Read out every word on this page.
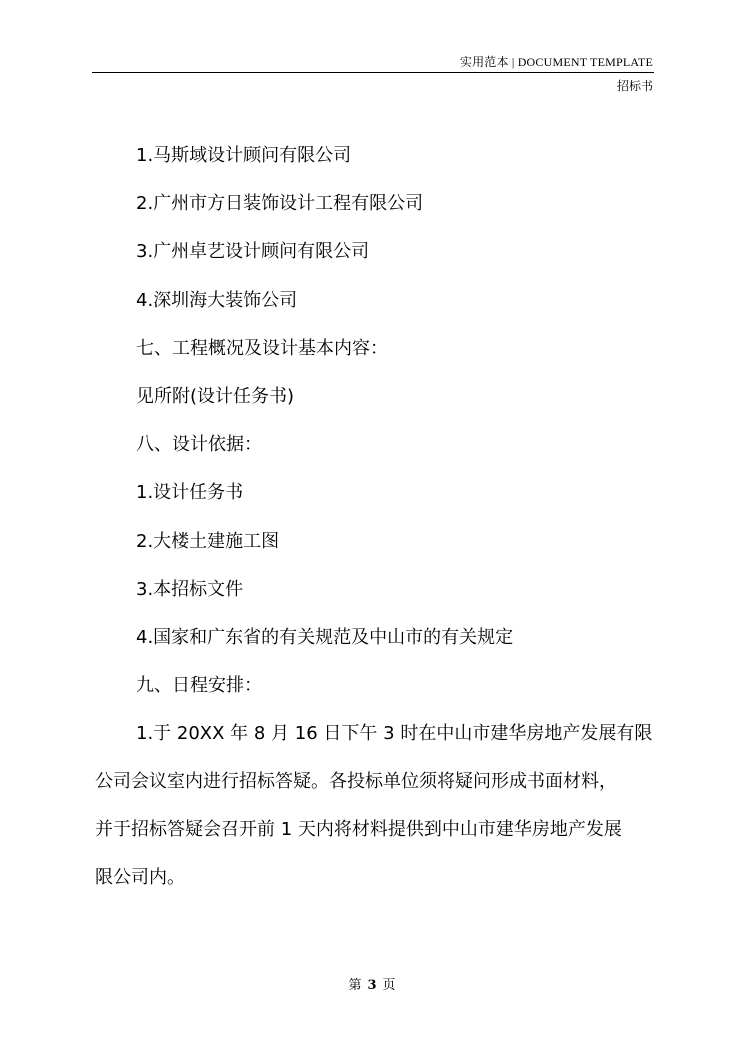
实用范本 | DOCUMENT TEMPLATE
招标书

1.马斯域设计顾问有限公司

2.广州市方日装饰设计工程有限公司

3.广州卓艺设计顾问有限公司

4.深圳海大装饰公司

七、工程概况及设计基本内容：

见所附(设计任务书)

八、设计依据：

1.设计任务书

2.大楼土建施工图

3.本招标文件

4.国家和广东省的有关规范及中山市的有关规定

九、日程安排：

1.于 20XX 年 8 月 16 日下午 3 时在中山市建华房地产发展有限
公司会议室内进行招标答疑。各投标单位须将疑问形成书面材料，
并于招标答疑会召开前 1 天内将材料提供到中山市建华房地产发展
限公司内。
第 3 页
